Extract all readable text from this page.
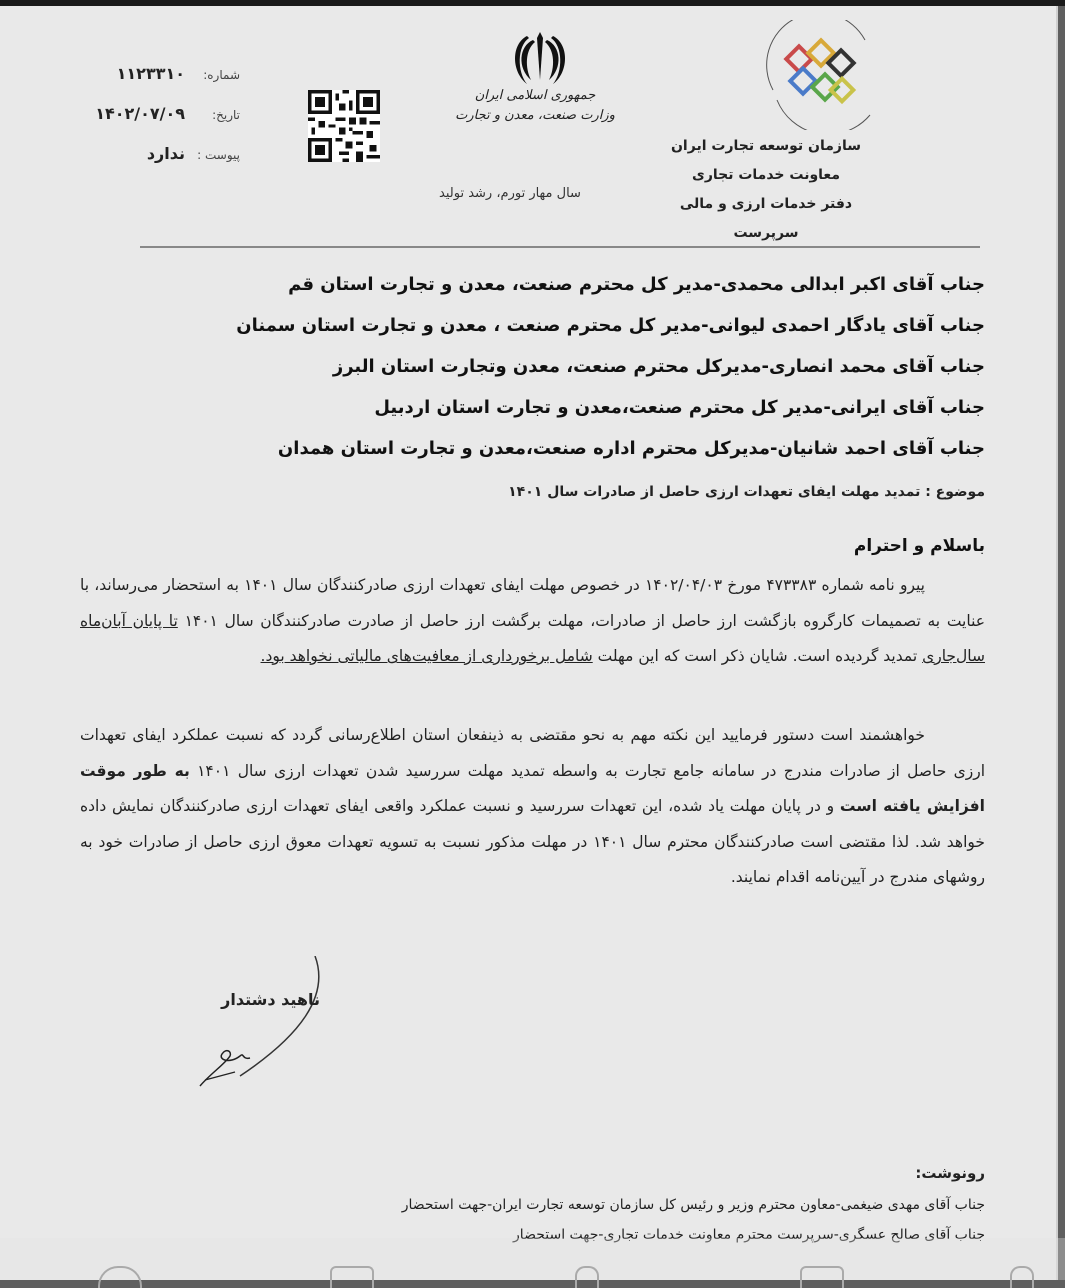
سازمان توسعه تجارت ایران
معاونت خدمات تجاری
دفتر خدمات ارزی و مالی
سرپرست
جمهوری اسلامی ایران
وزارت صنعت، معدن و تجارت
سال مهار تورم، رشد تولید
شماره:
۱۱۲۳۳۱۰
تاریخ:
۱۴۰۲/۰۷/۰۹
پیوست :
ندارد
جناب آقای اکبر ابدالی محمدی-مدیر کل محترم صنعت، معدن و تجارت استان قم
جناب آقای یادگار احمدی لیوانی-مدیر کل محترم صنعت ، معدن و تجارت استان سمنان
جناب آقای محمد انصاری-مدیرکل محترم صنعت، معدن وتجارت استان البرز
جناب آقای ایرانی-مدیر کل محترم صنعت،معدن و تجارت استان اردبیل
جناب آقای احمد شانیان-مدیرکل محترم اداره صنعت،معدن و تجارت استان همدان
موضوع : تمدید مهلت ایفای تعهدات ارزی حاصل از صادرات سال ۱۴۰۱
باسلام و احترام
پیرو نامه شماره ۴۷۳۳۸۳ مورخ ۱۴۰۲/۰۴/۰۳ در خصوص مهلت ایفای تعهدات ارزی صادرکنندگان سال ۱۴۰۱ به استحضار می‌رساند، با عنایت به تصمیمات کارگروه بازگشت ارز حاصل از صادرات، مهلت برگشت ارز حاصل از صادرت صادرکنندگان سال ۱۴۰۱ تا پایان آبان‌ماه سال‌جاری تمدید گردیده است. شایان ذکر است که این مهلت شامل برخورداری از معافیت‌های مالیاتی نخواهد بود.
خواهشمند است دستور فرمایید این نکته مهم به نحو مقتضی به ذینفعان استان اطلاع‌رسانی گردد که نسبت عملکرد ایفای تعهدات ارزی حاصل از صادرات مندرج در سامانه جامع تجارت به واسطه تمدید مهلت سررسید شدن تعهدات ارزی سال ۱۴۰۱ به طور موقت افزایش یافته است و در پایان مهلت یاد شده، این تعهدات سررسید و نسبت عملکرد واقعی ایفای تعهدات ارزی صادرکنندگان نمایش داده خواهد شد. لذا مقتضی است صادرکنندگان محترم سال ۱۴۰۱ در مهلت مذکور نسبت به تسویه تعهدات معوق ارزی حاصل از صادرات خود به روشهای مندرج در آیین‌نامه اقدام نمایند.
ناهید دشتدار
رونوشت:
جناب آقای مهدی ضیغمی-معاون محترم وزیر و رئیس کل سازمان توسعه تجارت ایران-جهت استحضار
جناب آقای صالح عسگری-سرپرست محترم معاونت خدمات تجاری-جهت استحضار
